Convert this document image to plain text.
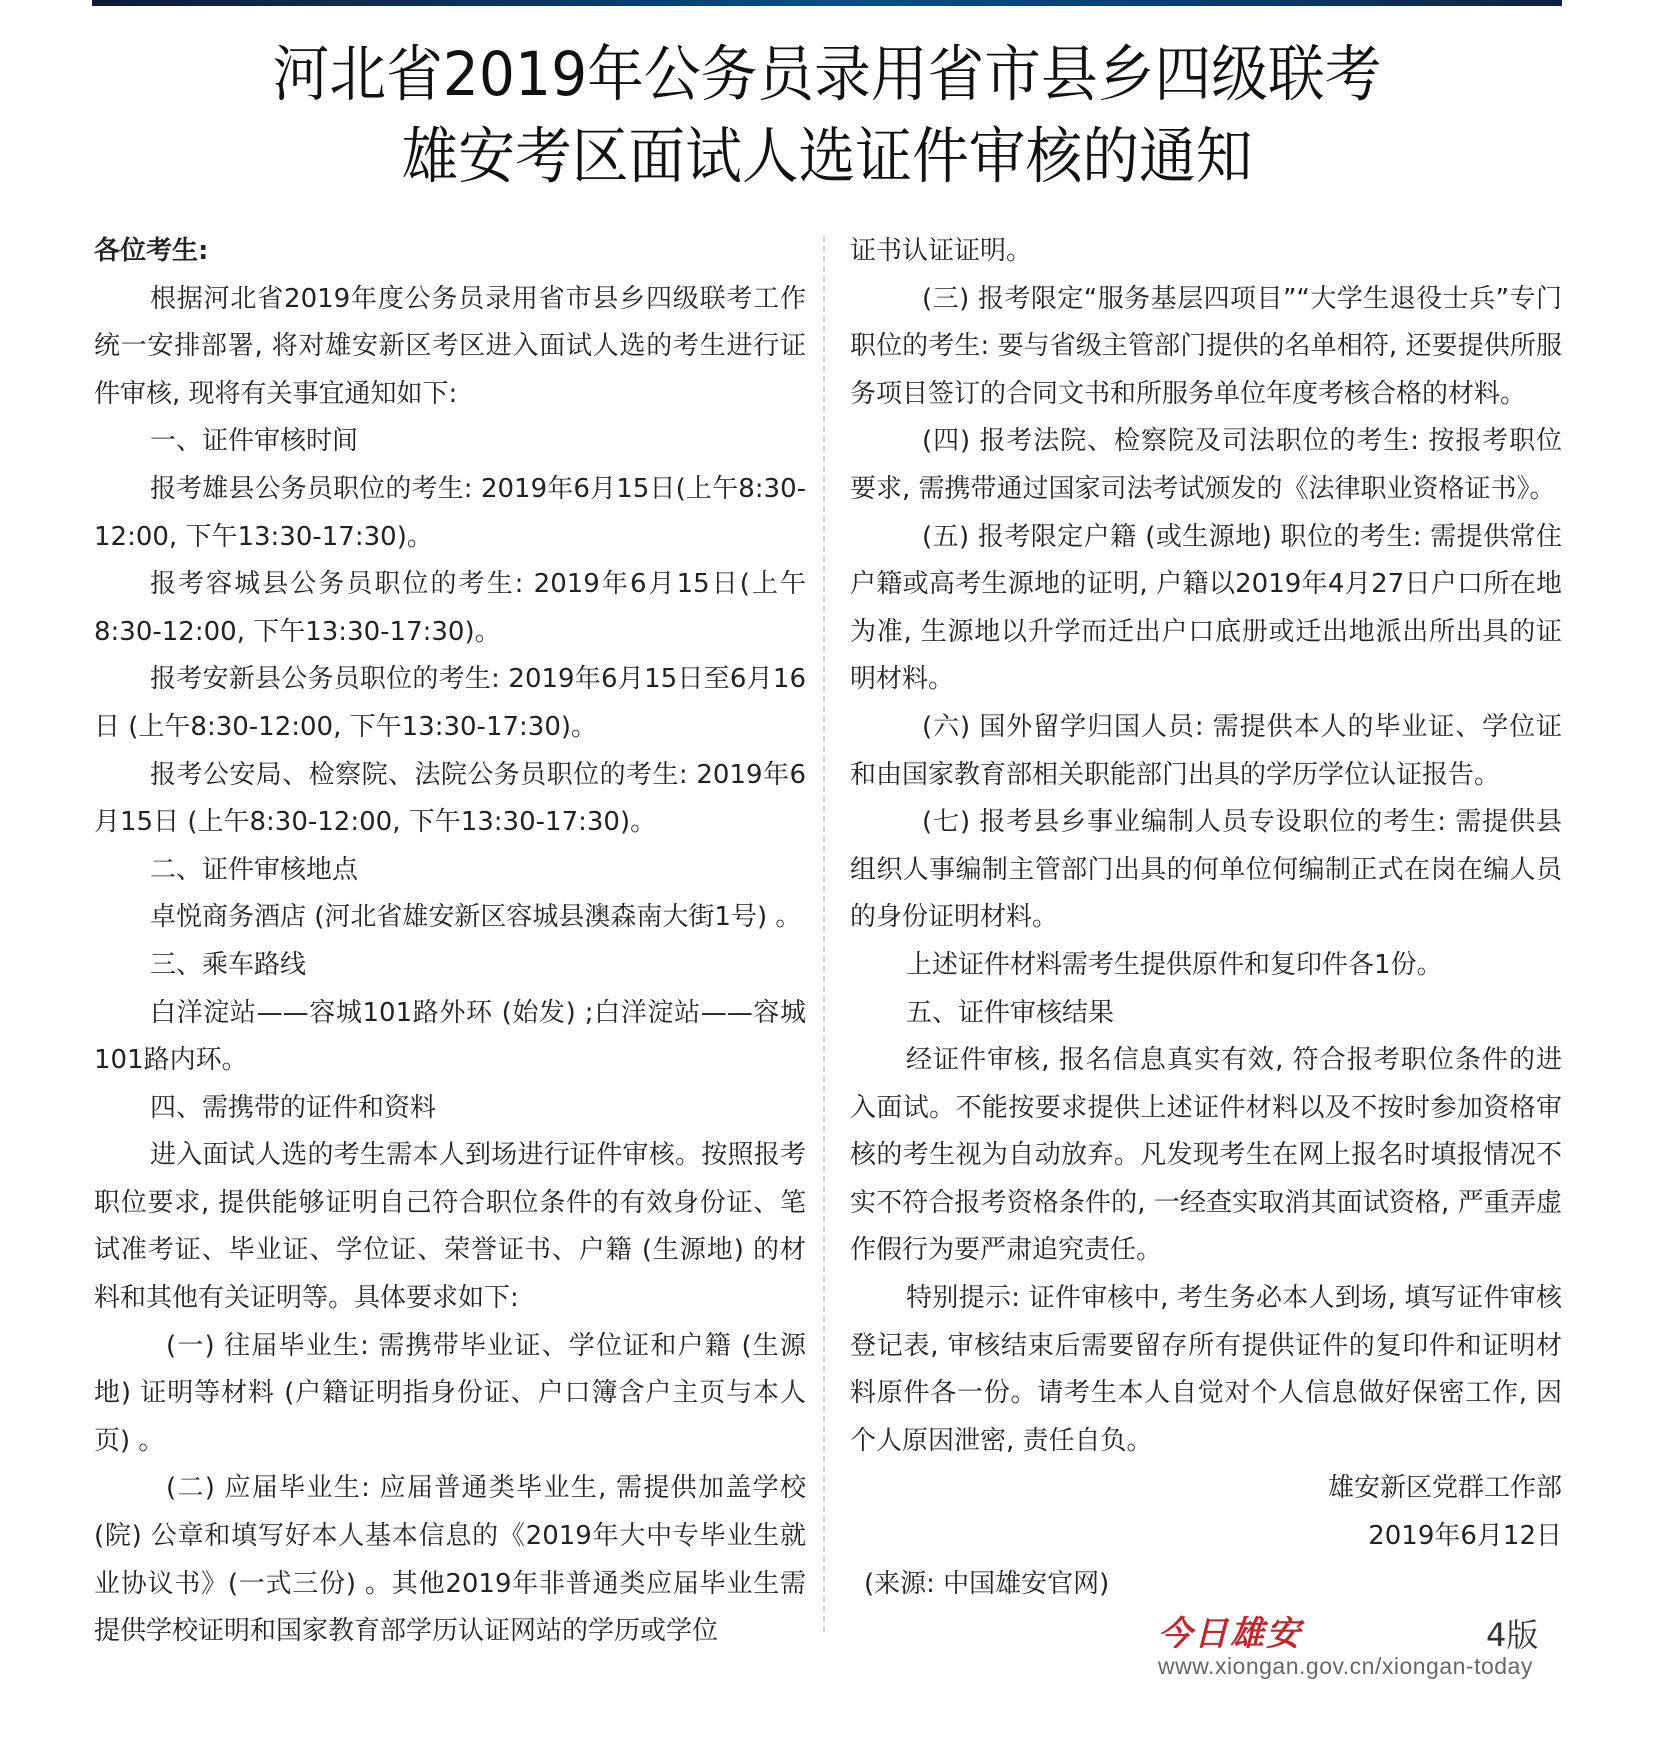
河北省2019年公务员录用省市县乡四级联考
雄安考区面试人选证件审核的通知

各位考生:

根据河北省2019年度公务员录用省市县乡四级联考工作统一安排部署, 将对雄安新区考区进入面试人选的考生进行证件审核, 现将有关事宜通知如下:

一、证件审核时间

报考雄县公务员职位的考生: 2019年6月15日(上午8:30-12:00, 下午13:30-17:30)。

报考容城县公务员职位的考生: 2019年6月15日(上午8:30-12:00, 下午13:30-17:30)。

报考安新县公务员职位的考生: 2019年6月15日至6月16日 (上午8:30-12:00, 下午13:30-17:30)。

报考公安局、检察院、法院公务员职位的考生: 2019年6月15日 (上午8:30-12:00, 下午13:30-17:30)。

二、证件审核地点

卓悦商务酒店 (河北省雄安新区容城县澳森南大街1号) 。

三、乘车路线

白洋淀站——容城101路外环 (始发) ;白洋淀站——容城101路内环。

四、需携带的证件和资料

进入面试人选的考生需本人到场进行证件审核。按照报考职位要求, 提供能够证明自己符合职位条件的有效身份证、笔试准考证、毕业证、学位证、荣誉证书、户籍 (生源地) 的材料和其他有关证明等。具体要求如下:

(一) 往届毕业生: 需携带毕业证、学位证和户籍 (生源地) 证明等材料 (户籍证明指身份证、户口簿含户主页与本人页) 。

(二) 应届毕业生: 应届普通类毕业生, 需提供加盖学校 (院) 公章和填写好本人基本信息的《2019年大中专毕业生就业协议书》(一式三份) 。其他2019年非普通类应届毕业生需提供学校证明和国家教育部学历认证网站的学历或学位

证书认证证明。

(三) 报考限定“服务基层四项目”“大学生退役士兵”专门职位的考生: 要与省级主管部门提供的名单相符, 还要提供所服务项目签订的合同文书和所服务单位年度考核合格的材料。

(四) 报考法院、检察院及司法职位的考生: 按报考职位要求, 需携带通过国家司法考试颁发的《法律职业资格证书》。

(五) 报考限定户籍 (或生源地) 职位的考生: 需提供常住户籍或高考生源地的证明, 户籍以2019年4月27日户口所在地为准, 生源地以升学而迁出户口底册或迁出地派出所出具的证明材料。

(六) 国外留学归国人员: 需提供本人的毕业证、学位证和由国家教育部相关职能部门出具的学历学位认证报告。

(七) 报考县乡事业编制人员专设职位的考生: 需提供县组织人事编制主管部门出具的何单位何编制正式在岗在编人员的身份证明材料。

上述证件材料需考生提供原件和复印件各1份。

五、证件审核结果

经证件审核, 报名信息真实有效, 符合报考职位条件的进入面试。不能按要求提供上述证件材料以及不按时参加资格审核的考生视为自动放弃。凡发现考生在网上报名时填报情况不实不符合报考资格条件的, 一经查实取消其面试资格, 严重弄虚作假行为要严肃追究责任。

特别提示: 证件审核中, 考生务必本人到场, 填写证件审核登记表, 审核结束后需要留存所有提供证件的复印件和证明材料原件各一份。请考生本人自觉对个人信息做好保密工作, 因个人原因泄密, 责任自负。

雄安新区党群工作部

2019年6月12日

(来源: 中国雄安官网)

今日雄安	4版
www.xiongan.gov.cn/xiongan-today
